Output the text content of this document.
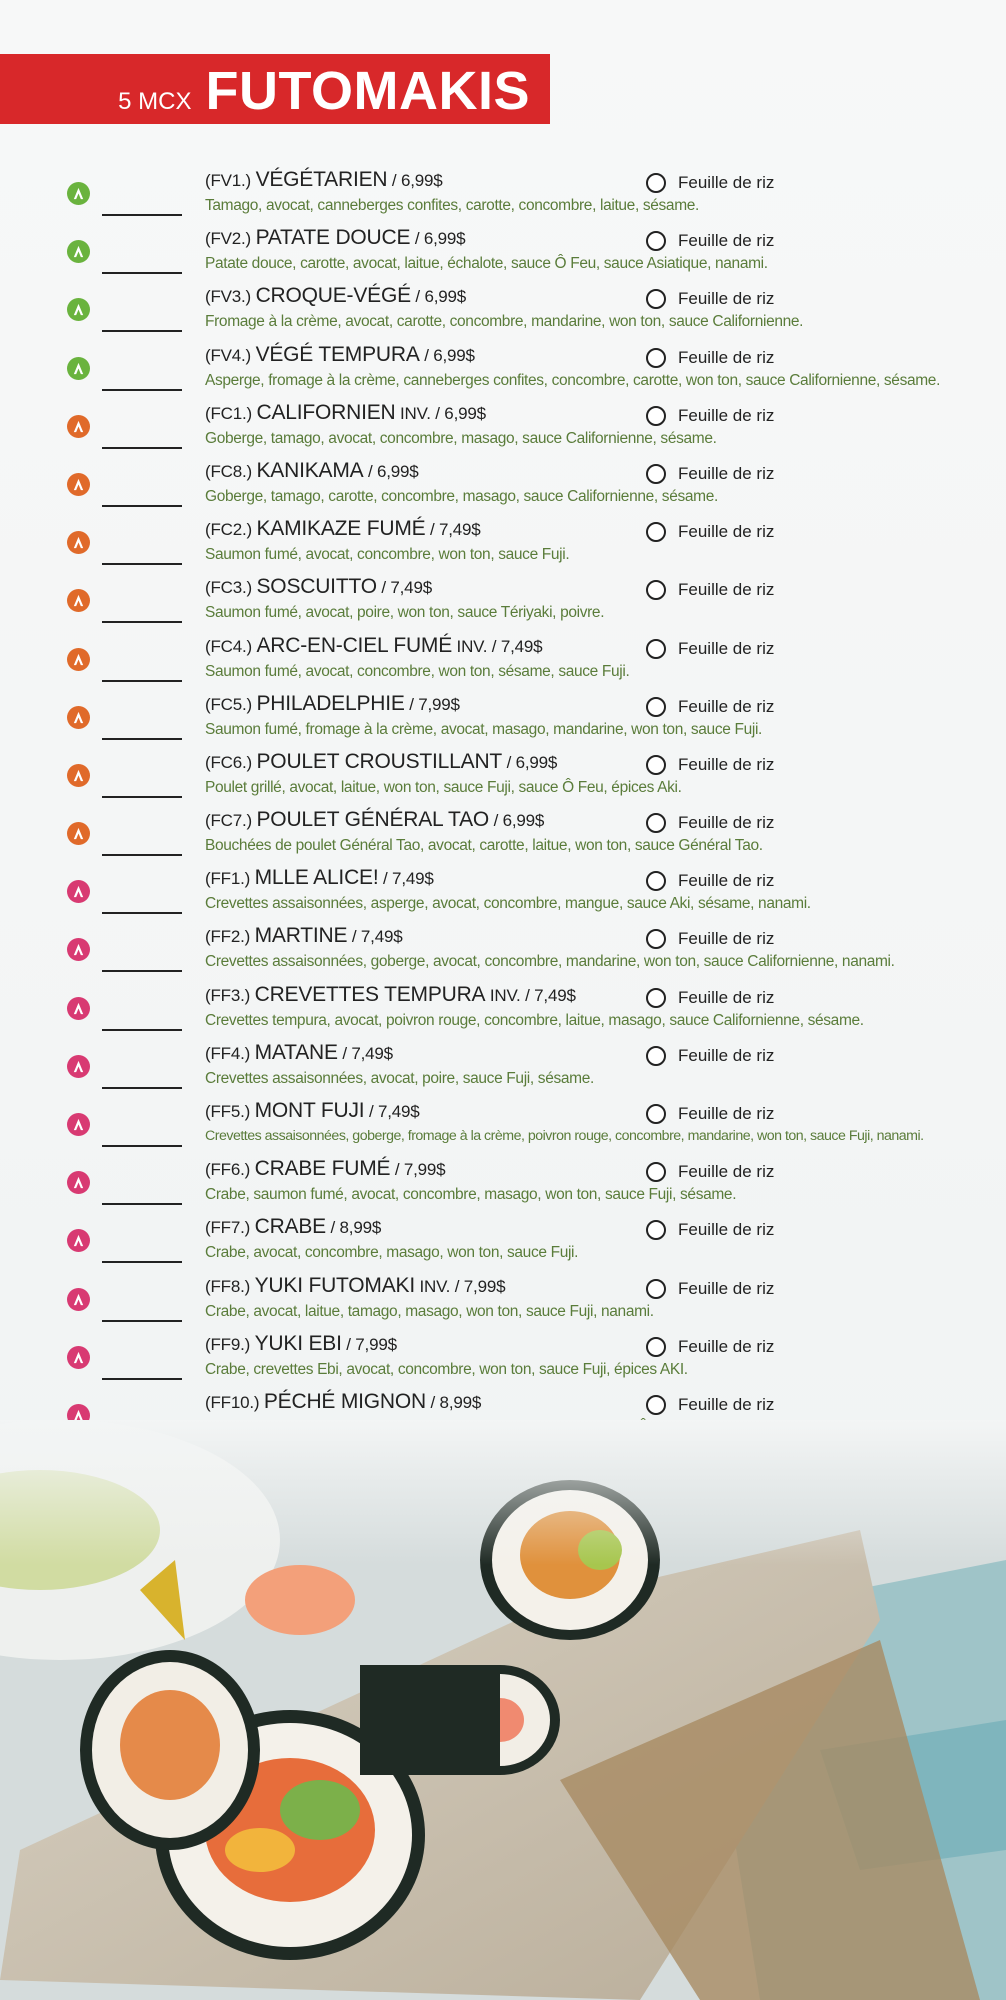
5 MCX FUTOMAKIS
(FV1.) VÉGÉTARIEN / 6,99$
Tamago, avocat, canneberges confites, carotte, concombre, laitue, sésame.
Feuille de riz
(FV2.) PATATE DOUCE / 6,99$
Patate douce, carotte, avocat, laitue, échalote, sauce Ô Feu, sauce Asiatique, nanami.
Feuille de riz
(FV3.) CROQUE-VÉGÉ / 6,99$
Fromage à la crème, avocat, carotte, concombre, mandarine, won ton, sauce Californienne.
Feuille de riz
(FV4.) VÉGÉ TEMPURA / 6,99$
Asperge, fromage à la crème, canneberges confites, concombre, carotte, won ton, sauce Californienne, sésame.
Feuille de riz
(FC1.) CALIFORNIEN INV. / 6,99$
Goberge, tamago, avocat, concombre, masago, sauce Californienne, sésame.
Feuille de riz
(FC8.) KANIKAMA / 6,99$
Goberge, tamago, carotte, concombre, masago, sauce Californienne, sésame.
Feuille de riz
(FC2.) KAMIKAZE FUMÉ / 7,49$
Saumon fumé, avocat, concombre, won ton, sauce Fuji.
Feuille de riz
(FC3.) SOSCUITTO / 7,49$
Saumon fumé, avocat, poire, won ton, sauce Tériyaki, poivre.
Feuille de riz
(FC4.) ARC-EN-CIEL FUMÉ INV. / 7,49$
Saumon fumé, avocat, concombre, won ton, sésame, sauce Fuji.
Feuille de riz
(FC5.) PHILADELPHIE / 7,99$
Saumon fumé, fromage à la crème, avocat, masago, mandarine, won ton, sauce Fuji.
Feuille de riz
(FC6.) POULET CROUSTILLANT / 6,99$
Poulet grillé, avocat, laitue, won ton, sauce Fuji, sauce Ô Feu, épices Aki.
Feuille de riz
(FC7.) POULET GÉNÉRAL TAO / 6,99$
Bouchées de poulet Général Tao, avocat, carotte, laitue, won ton, sauce Général Tao.
Feuille de riz
(FF1.) MLLE ALICE! / 7,49$
Crevettes assaisonnées, asperge, avocat, concombre, mangue, sauce Aki, sésame, nanami.
Feuille de riz
(FF2.) MARTINE / 7,49$
Crevettes assaisonnées, goberge, avocat, concombre, mandarine, won ton, sauce Californienne, nanami.
Feuille de riz
(FF3.) CREVETTES TEMPURA INV. / 7,49$
Crevettes tempura, avocat, poivron rouge, concombre, laitue, masago, sauce Californienne, sésame.
Feuille de riz
(FF4.) MATANE / 7,49$
Crevettes assaisonnées, avocat, poire, sauce Fuji, sésame.
Feuille de riz
(FF5.) MONT FUJI / 7,49$
Crevettes assaisonnées, goberge, fromage à la crème, poivron rouge, concombre, mandarine, won ton, sauce Fuji, nanami.
Feuille de riz
(FF6.) CRABE FUMÉ / 7,99$
Crabe, saumon fumé, avocat, concombre, masago, won ton, sauce Fuji, sésame.
Feuille de riz
(FF7.) CRABE / 8,99$
Crabe, avocat, concombre, masago, won ton, sauce Fuji.
Feuille de riz
(FF8.) YUKI FUTOMAKI INV. / 7,99$
Crabe, avocat, laitue, tamago, masago, won ton, sauce Fuji, nanami.
Feuille de riz
(FF9.) YUKI EBI / 7,99$
Crabe, crevettes Ebi, avocat, concombre, won ton, sauce Fuji, épices AKI.
Feuille de riz
(FF10.) PÉCHÉ MIGNON / 8,99$	Feuille de riz
